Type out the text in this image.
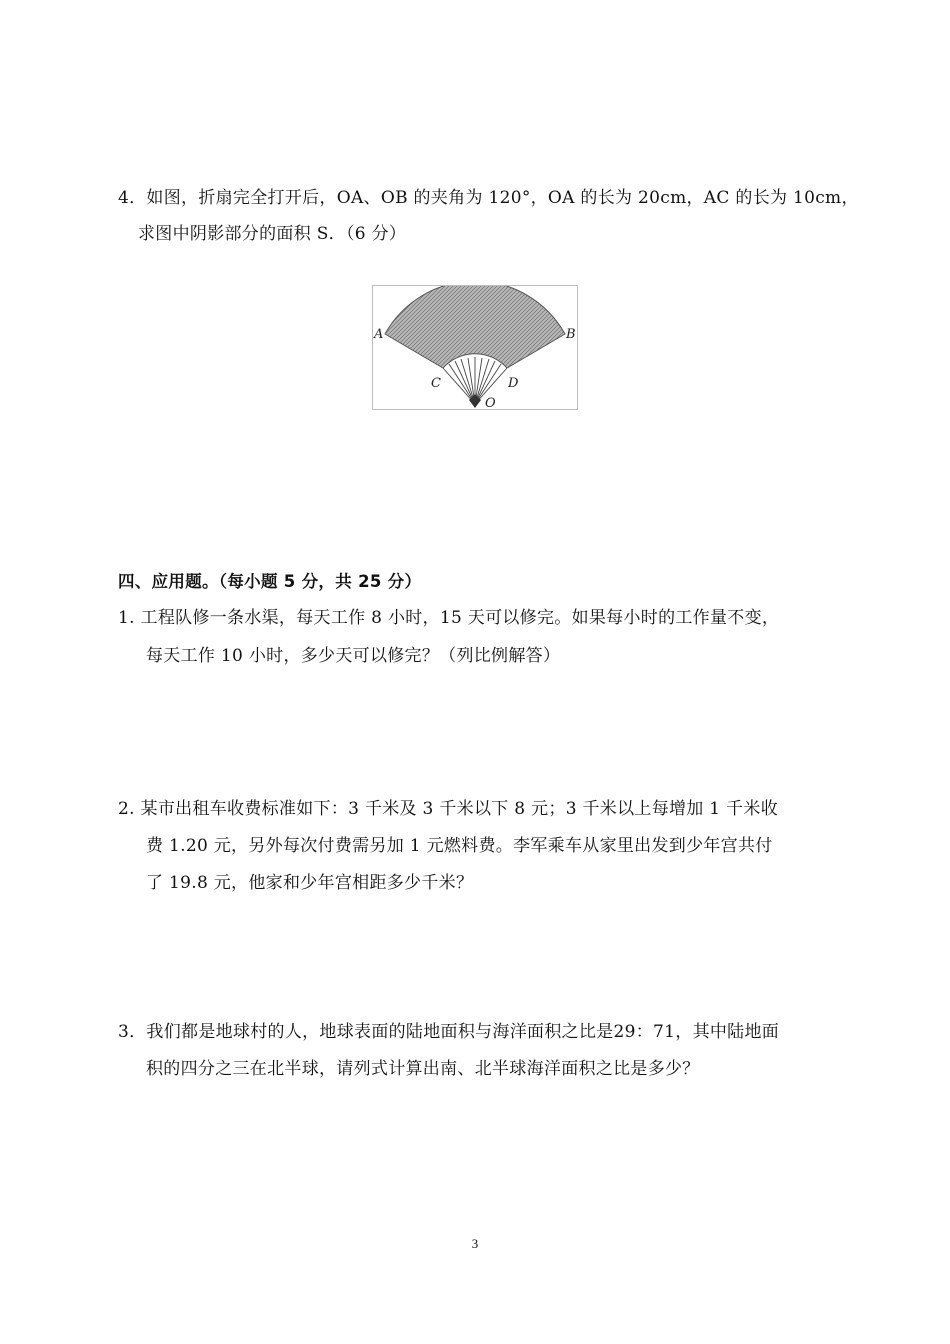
4．如图，折扇完全打开后，OA、OB 的夹角为 120°，OA 的长为 20cm，AC 的长为 10cm，
求图中阴影部分的面积 S．（6 分）
A	B
C	D
O
四、应用题。（每小题 5 分，共 25 分）
1. 工程队修一条水渠，每天工作 8 小时，15 天可以修完。如果每小时的工作量不变，
每天工作 10 小时，多少天可以修完？（列比例解答）
2. 某市出租车收费标准如下：3 千米及 3 千米以下 8 元；3 千米以上每增加 1 千米收
费 1.20 元，另外每次付费需另加 1 元燃料费。李军乘车从家里出发到少年宫共付
了 19.8 元，他家和少年宫相距多少千米？
3．我们都是地球村的人，地球表面的陆地面积与海洋面积之比是29：71，其中陆地面
积的四分之三在北半球，请列式计算出南、北半球海洋面积之比是多少？
3
